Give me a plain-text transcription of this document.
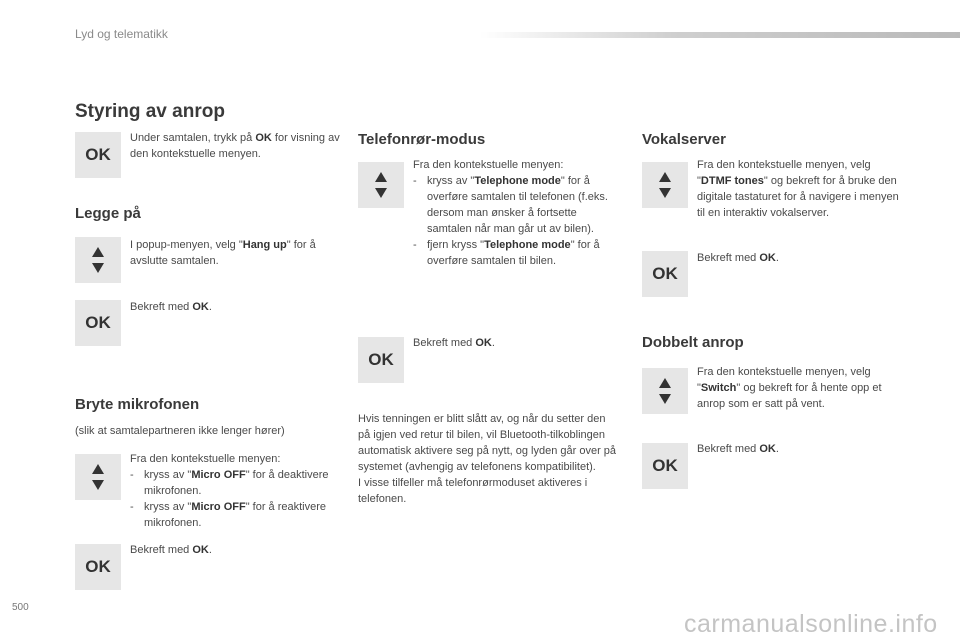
Lyd og telematikk
Styring av anrop
OK
Under samtalen, trykk på OK for visning av den kontekstuelle menyen.
Legge på
I popup-menyen, velg "Hang up" for å avslutte samtalen.
OK
Bekreft med OK.
Bryte mikrofonen
(slik at samtalepartneren ikke lenger hører)
Fra den kontekstuelle menyen:
- kryss av "Micro OFF" for å deaktivere mikrofonen.
- kryss av "Micro OFF" for å reaktivere mikrofonen.
OK
Bekreft med OK.
Telefonrør-modus
Fra den kontekstuelle menyen:
- kryss av "Telephone mode" for å overføre samtalen til telefonen (f.eks. dersom man ønsker å fortsette samtalen når man går ut av bilen).
- fjern kryss "Telephone mode" for å overføre samtalen til bilen.
OK
Bekreft med OK.
Hvis tenningen er blitt slått av, og når du setter den på igjen ved retur til bilen, vil Bluetooth-tilkoblingen automatisk aktivere seg på nytt, og lyden går over på systemet (avhengig av telefonens kompatibilitet).
I visse tilfeller må telefonrørmoduset aktiveres i telefonen.
Vokalserver
Fra den kontekstuelle menyen, velg "DTMF tones" og bekreft for å bruke den digitale tastaturet for å navigere i menyen til en interaktiv vokalserver.
OK
Bekreft med OK.
Dobbelt anrop
Fra den kontekstuelle menyen, velg "Switch" og bekreft for å hente opp et anrop som er satt på vent.
OK
Bekreft med OK.
500
carmanualsonline.info
